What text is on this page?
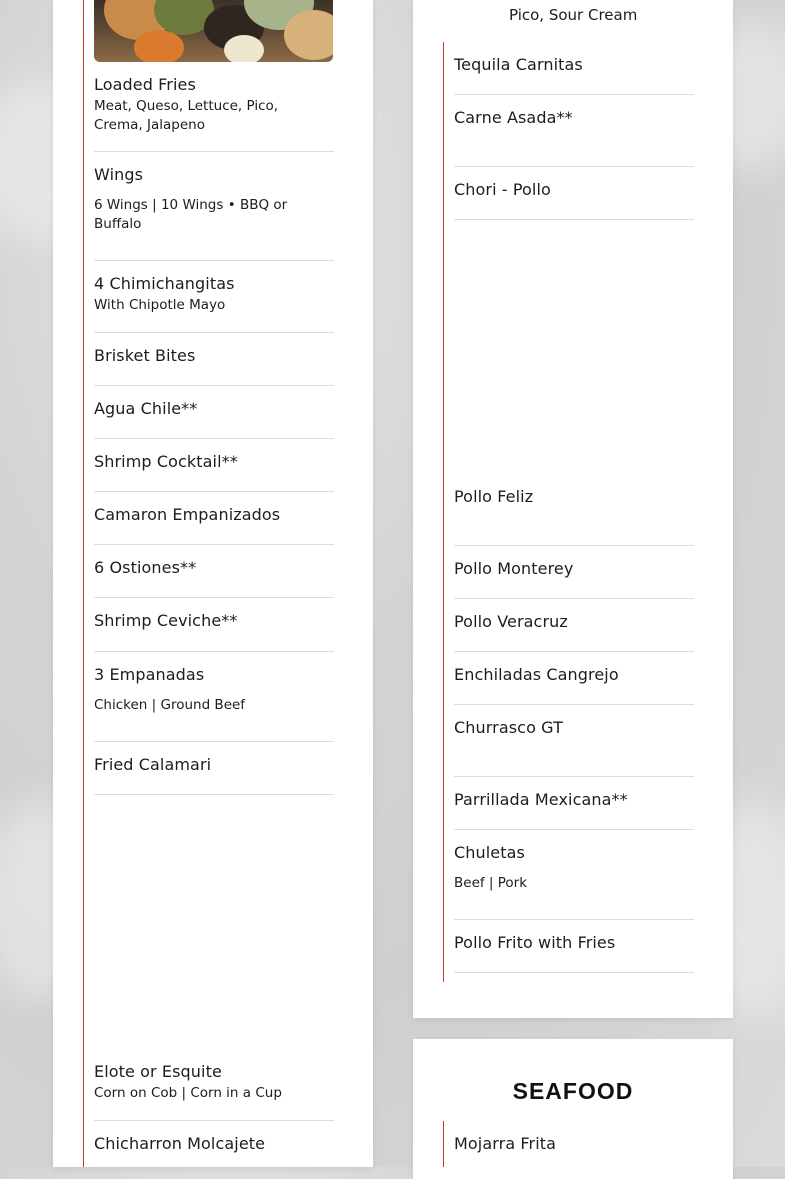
Loaded Fries
Meat, Queso, Lettuce, Pico, Crema, Jalapeno
Wings
6 Wings | 10 Wings • BBQ or Buffalo
4 Chimichangitas
With Chipotle Mayo
Brisket Bites
Agua Chile**
Shrimp Cocktail**
Camaron Empanizados
6 Ostiones**
Shrimp Ceviche**
3 Empanadas
Chicken | Ground Beef
Fried Calamari
Elote or Esquite
Corn on Cob | Corn in a Cup
Chicharron Molcajete
Pico, Sour Cream
Tequila Carnitas
Carne Asada**
Chori - Pollo
Pollo Feliz
Pollo Monterey
Pollo Veracruz
Enchiladas Cangrejo
Churrasco GT
Parrillada Mexicana**
Chuletas
Beef | Pork
Pollo Frito with Fries
SEAFOOD
Mojarra Frita
